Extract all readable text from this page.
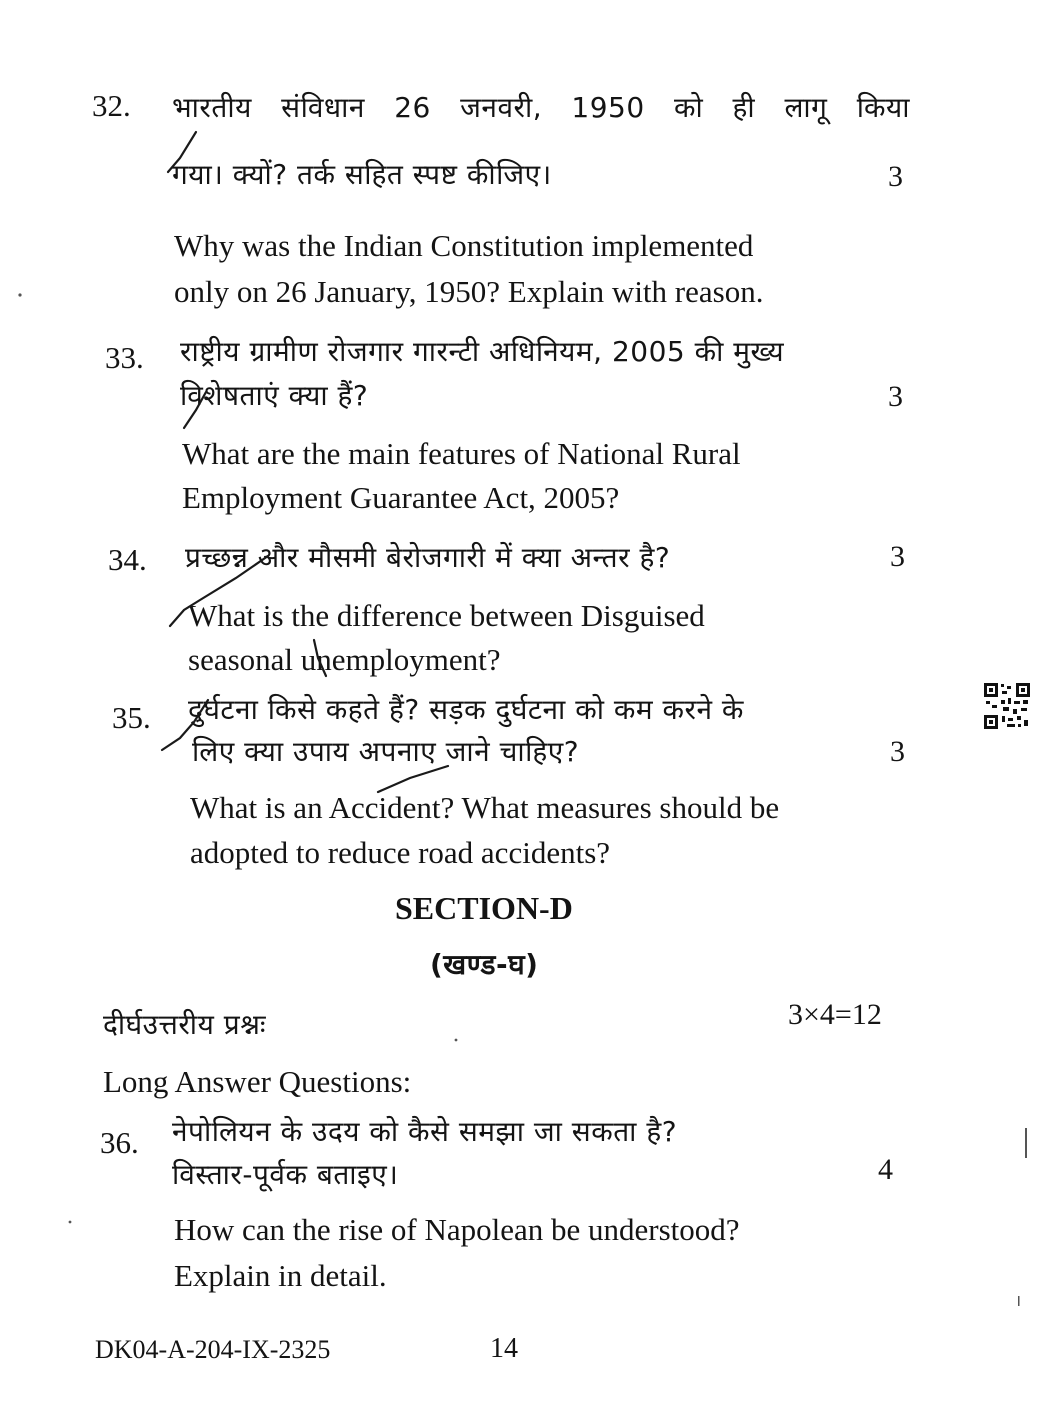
32. भारतीय संविधान 26 जनवरी, 1950 को ही लागू किया
गया। क्यों? तर्क सहित स्पष्ट कीजिए।	3
Why was the Indian Constitution implemented
only on 26 January, 1950? Explain with reason.
33. राष्ट्रीय ग्रामीण रोजगार गारन्टी अधिनियम, 2005 की मुख्य
विशेषताएं क्या हैं?	3
What are the main features of National Rural
Employment Guarantee Act, 2005?
34. प्रच्छन्न और मौसमी बेरोजगारी में क्या अन्तर है?	3
What is the difference between Disguised
seasonal unemployment?
35. दुर्घटना किसे कहते हैं? सड़क दुर्घटना को कम करने के
लिए क्या उपाय अपनाए जाने चाहिए?	3
What is an Accident? What measures should be
adopted to reduce road accidents?
SECTION-D
(खण्ड-घ)
दीर्घउत्तरीय प्रश्नः	3×4=12
Long Answer Questions:
36. नेपोलियन के उदय को कैसे समझा जा सकता है?
विस्तार-पूर्वक बताइए।	4
How can the rise of Napolean be understood?
Explain in detail.
DK04-A-204-IX-2325	14
